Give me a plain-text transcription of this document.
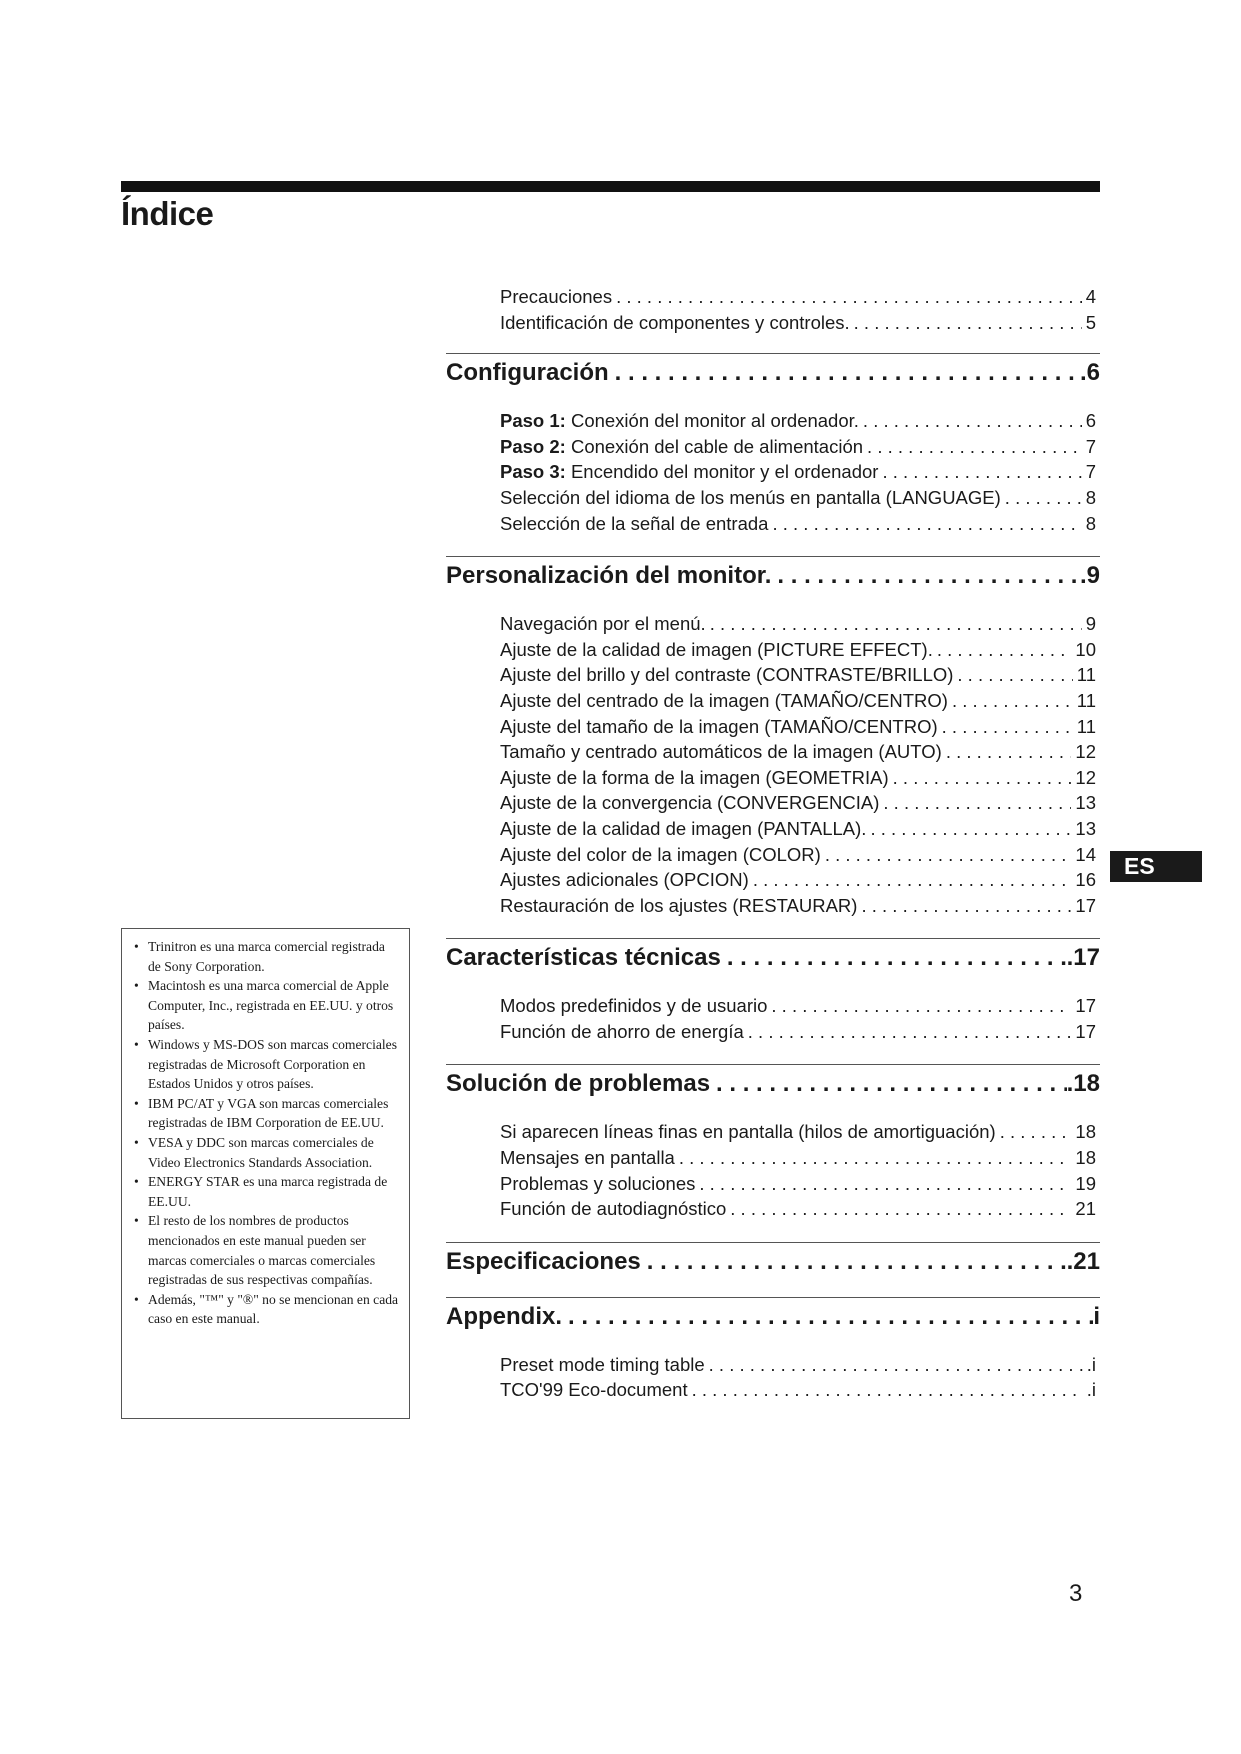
Índice
Precauciones . . .	4
Identificación de componentes y controles. . . .	5
Configuración . . .	.6
Paso 1: Conexión del monitor al ordenador. . . .	6
Paso 2: Conexión del cable de alimentación . . .	7
Paso 3: Encendido del monitor y el ordenador . . .	7
Selección del idioma de los menús en pantalla (LANGUAGE) . . .	8
Selección de la señal de entrada . . .	8
Personalización del monitor. . . .	.9
Navegación por el menú. . . .	9
Ajuste de la calidad de imagen (PICTURE EFFECT). . . .	10
Ajuste del brillo y del contraste (CONTRASTE/BRILLO) . . .	11
Ajuste del centrado de la imagen (TAMAÑO/CENTRO) . . .	11
Ajuste del tamaño de la imagen (TAMAÑO/CENTRO) . . .	11
Tamaño y centrado automáticos de la imagen (AUTO) . . .	12
Ajuste de la forma de la imagen (GEOMETRIA) . . .	12
Ajuste de la convergencia (CONVERGENCIA) . . .	13
Ajuste de la calidad de imagen (PANTALLA). . . .	13
Ajuste del color de la imagen (COLOR) . . .	14
Ajustes adicionales (OPCION) . . .	16
Restauración de los ajustes (RESTAURAR) . . .	17
Características técnicas . . .	.17
Modos predefinidos y de usuario . . .	17
Función de ahorro de energía . . .	17
Solución de problemas . . .	.18
Si aparecen líneas finas en pantalla (hilos de amortiguación) . . .	18
Mensajes en pantalla . . .	18
Problemas y soluciones . . .	19
Función de autodiagnóstico . . .	21
Especificaciones . . .	.21
Appendix. . . .	i
Preset mode timing table . . .	.i
TCO'99 Eco-document . . .	.i
ES
• Trinitron es una marca comercial registrada de Sony Corporation.
• Macintosh es una marca comercial de Apple Computer, Inc., registrada en EE.UU. y otros países.
• Windows y MS-DOS son marcas comerciales registradas de Microsoft Corporation en Estados Unidos y otros países.
• IBM PC/AT y VGA son marcas comerciales registradas de IBM Corporation de EE.UU.
• VESA y DDC son marcas comerciales de Video Electronics Standards Association.
• ENERGY STAR es una marca registrada de EE.UU.
• El resto de los nombres de productos mencionados en este manual pueden ser marcas comerciales o marcas comerciales registradas de sus respectivas compañías.
• Además, "™" y "®" no se mencionan en cada caso en este manual.
3
